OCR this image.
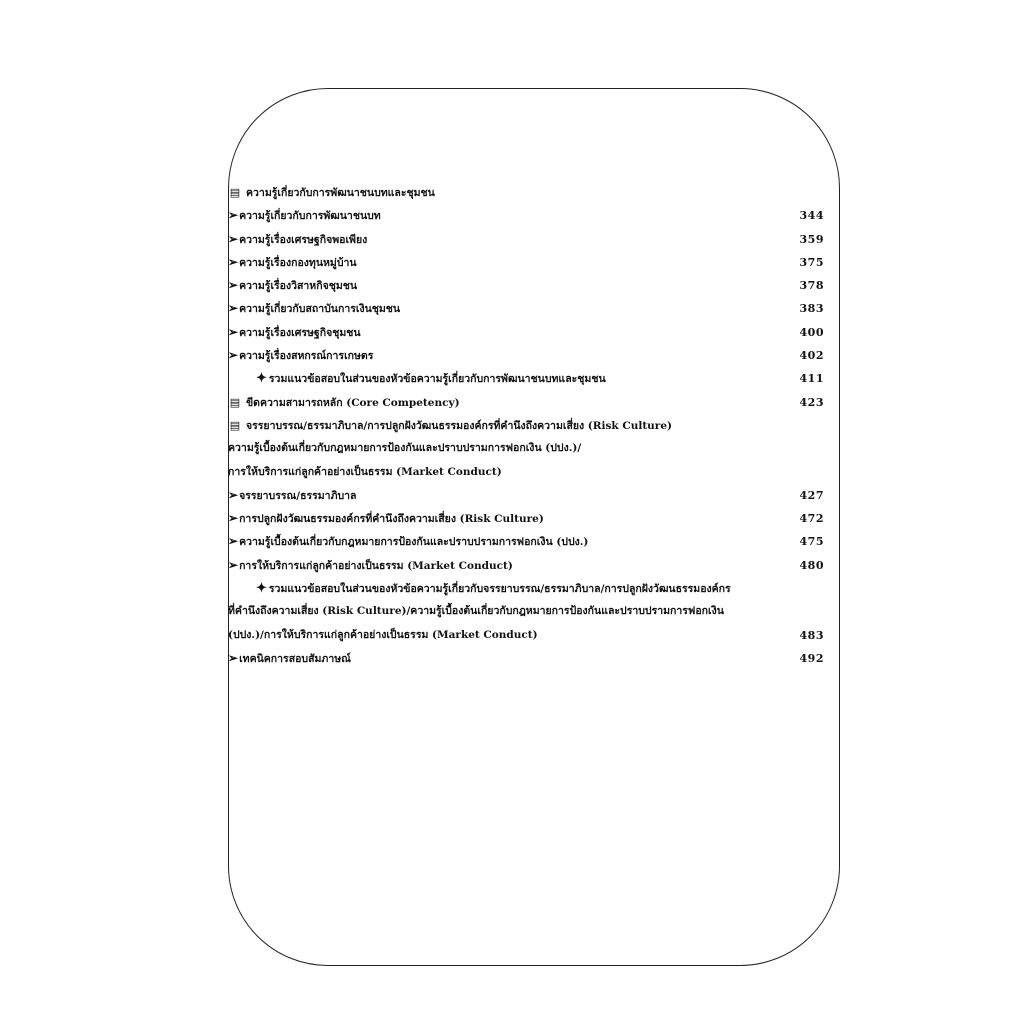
▤ ความรู้เกี่ยวกับการพัฒนาชนบทและชุมชน
➢ความรู้เกี่ยวกับการพัฒนาชนบท	344
➢ความรู้เรื่องเศรษฐกิจพอเพียง	359
➢ความรู้เรื่องกองทุนหมู่บ้าน	375
➢ความรู้เรื่องวิสาหกิจชุมชน	378
➢ความรู้เกี่ยวกับสถาบันการเงินชุมชน	383
➢ความรู้เรื่องเศรษฐกิจชุมชน	400
➢ความรู้เรื่องสหกรณ์การเกษตร	402
✦ รวมแนวข้อสอบในส่วนของหัวข้อความรู้เกี่ยวกับการพัฒนาชนบทและชุมชน	411
▤ ขีดความสามารถหลัก (Core Competency)	423
▤ จรรยาบรรณ/ธรรมาภิบาล/การปลูกฝังวัฒนธรรมองค์กรที่คำนึงถึงความเสี่ยง (Risk Culture)
ความรู้เบื้องต้นเกี่ยวกับกฎหมายการป้องกันและปราบปรามการฟอกเงิน (ปปง.)/
การให้บริการแก่ลูกค้าอย่างเป็นธรรม (Market Conduct)
➢จรรยาบรรณ/ธรรมาภิบาล	427
➢การปลูกฝังวัฒนธรรมองค์กรที่คำนึงถึงความเสี่ยง (Risk Culture)	472
➢ความรู้เบื้องต้นเกี่ยวกับกฎหมายการป้องกันและปราบปรามการฟอกเงิน (ปปง.)	475
➢การให้บริการแก่ลูกค้าอย่างเป็นธรรม (Market Conduct)	480
✦ รวมแนวข้อสอบในส่วนของหัวข้อความรู้เกี่ยวกับจรรยาบรรณ/ธรรมาภิบาล/การปลูกฝังวัฒนธรรมองค์กร
ที่คำนึงถึงความเสี่ยง (Risk Culture)/ความรู้เบื้องต้นเกี่ยวกับกฎหมายการป้องกันและปราบปรามการฟอกเงิน
(ปปง.)/การให้บริการแก่ลูกค้าอย่างเป็นธรรม (Market Conduct)	483
➢เทคนิคการสอบสัมภาษณ์	492
